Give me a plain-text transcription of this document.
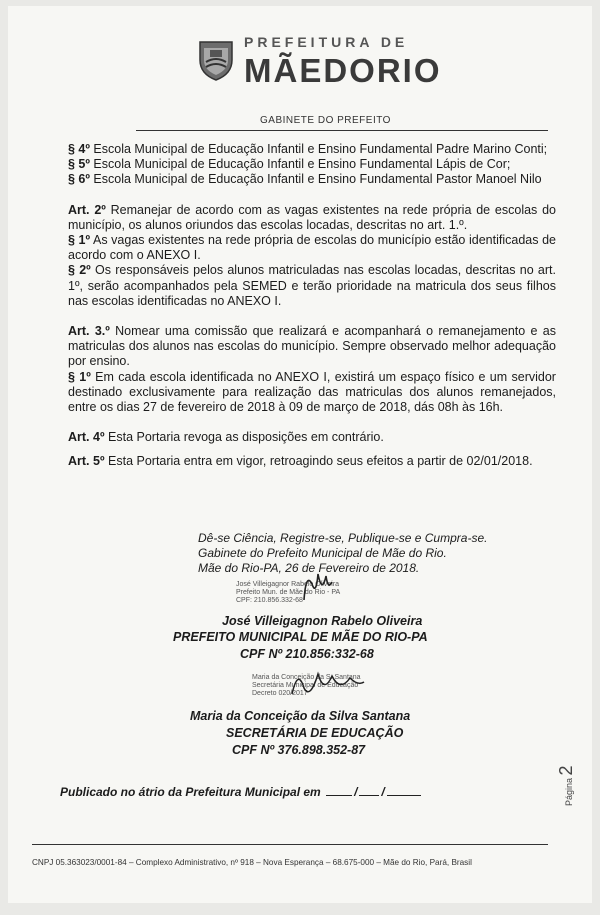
PREFEITURA DE
MÃEDORIO
GABINETE DO PREFEITO

§ 4º Escola Municipal de Educação Infantil e Ensino Fundamental Padre Marino Conti;

§ 5º Escola Municipal de Educação Infantil e Ensino Fundamental Lápis de Cor;

§ 6º Escola Municipal de Educação Infantil e Ensino Fundamental Pastor Manoel Nilo

Art. 2º Remanejar de acordo com as vagas existentes na rede própria de escolas do município, os alunos oriundos das escolas locadas, descritas no art. 1.º.

§ 1º As vagas existentes na rede própria de escolas do município estão identificadas de acordo com o ANEXO I.

§ 2º Os responsáveis pelos alunos matriculadas nas escolas locadas, descritas no art. 1º, serão acompanhados pela SEMED e terão prioridade na matricula dos seus filhos nas escolas identificadas no ANEXO I.

Art. 3.º Nomear uma comissão que realizará e acompanhará o remanejamento e as matriculas dos alunos nas escolas do município. Sempre observado melhor adequação por ensino.

§ 1º Em cada escola identificada no ANEXO I, existirá um espaço físico e um servidor destinado exclusivamente para realização das matriculas dos alunos remanejados, entre os dias 27 de fevereiro de 2018 à 09 de março de 2018, dás 08h às 16h.

Art. 4º Esta Portaria revoga as disposições em contrário.

Art. 5º Esta Portaria entra em vigor, retroagindo seus efeitos a partir de 02/01/2018.

Dê-se Ciência, Registre-se, Publique-se e Cumpra-se.
Gabinete do Prefeito Municipal de Mãe do Rio.
Mãe do Rio-PA, 26 de Fevereiro de 2018.
José Villeigagnor Rabelo Oliveira
Prefeito Mun. de Mãe do Rio - PA
CPF: 210.856.332-68
José Villeigagnon Rabelo Oliveira
PREFEITO MUNICIPAL DE MÃE DO RIO-PA
CPF Nº 210.856:332-68
Maria da Conceição da S. Santana
Secretária Municipal de Educação
Decreto 020/2017
Maria da Conceição da Silva Santana
SECRETÁRIA DE EDUCAÇÃO
CPF Nº 376.898.352-87
Publicado no átrio da Prefeitura Municipal em	/ /
CNPJ 05.363023/0001-84 – Complexo Administrativo, nº 918 – Nova Esperança – 68.675-000 – Mãe do Rio, Pará, Brasil
Página 2
